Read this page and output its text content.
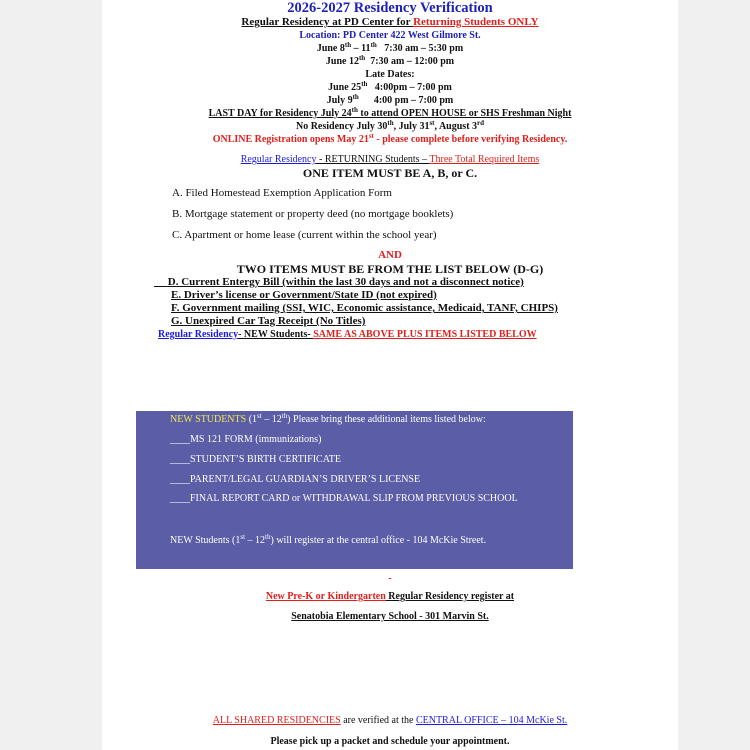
2026-2027 Residency Verification
Regular Residency at PD Center for Returning Students ONLY
Location: PD Center 422 West Gilmore St.
June 8th – 11th   7:30 am – 5:30 pm
June 12th  7:30 am – 12:00 pm
Late Dates:
June 25th   4:00pm – 7:00 pm
July 9th      4:00 pm – 7:00 pm
LAST DAY for Residency July 24th to attend OPEN HOUSE or SHS Freshman Night
No Residency July 30th, July 31st, August 3rd
ONLINE Registration opens May 21st - please complete before verifying Residency.
Regular Residency - RETURNING Students – Three Total Required Items
ONE ITEM MUST BE A, B, or C.
A. Filed Homestead Exemption Application Form
B. Mortgage statement or property deed (no mortgage booklets)
C. Apartment or home lease (current within the school year)
AND
TWO ITEMS MUST BE FROM THE LIST BELOW (D-G)
D. Current Entergy Bill (within the last 30 days and not a disconnect notice)
E. Driver’s license or Government/State ID (not expired)
F. Government mailing (SSI, WIC, Economic assistance, Medicaid, TANF, CHIPS)
G. Unexpired Car Tag Receipt (No Titles)
Regular Residency- NEW Students- SAME AS ABOVE PLUS ITEMS LISTED BELOW
-
New Pre-K or Kindergarten Regular Residency register at
Senatobia Elementary School - 301 Marvin St.
ALL SHARED RESIDENCIES are verified at the CENTRAL OFFICE – 104 McKie St.
Please pick up a packet and schedule your appointment.
NEW STUDENTS (1st – 12th) Please bring these additional items listed below:
____MS 121 FORM (immunizations)
____STUDENT’S BIRTH CERTIFICATE
____PARENT/LEGAL GUARDIAN’S DRIVER’S LICENSE
____FINAL REPORT CARD or WITHDRAWAL SLIP FROM PREVIOUS SCHOOL
NEW Students (1st – 12th) will register at the central office - 104 McKie Street.
